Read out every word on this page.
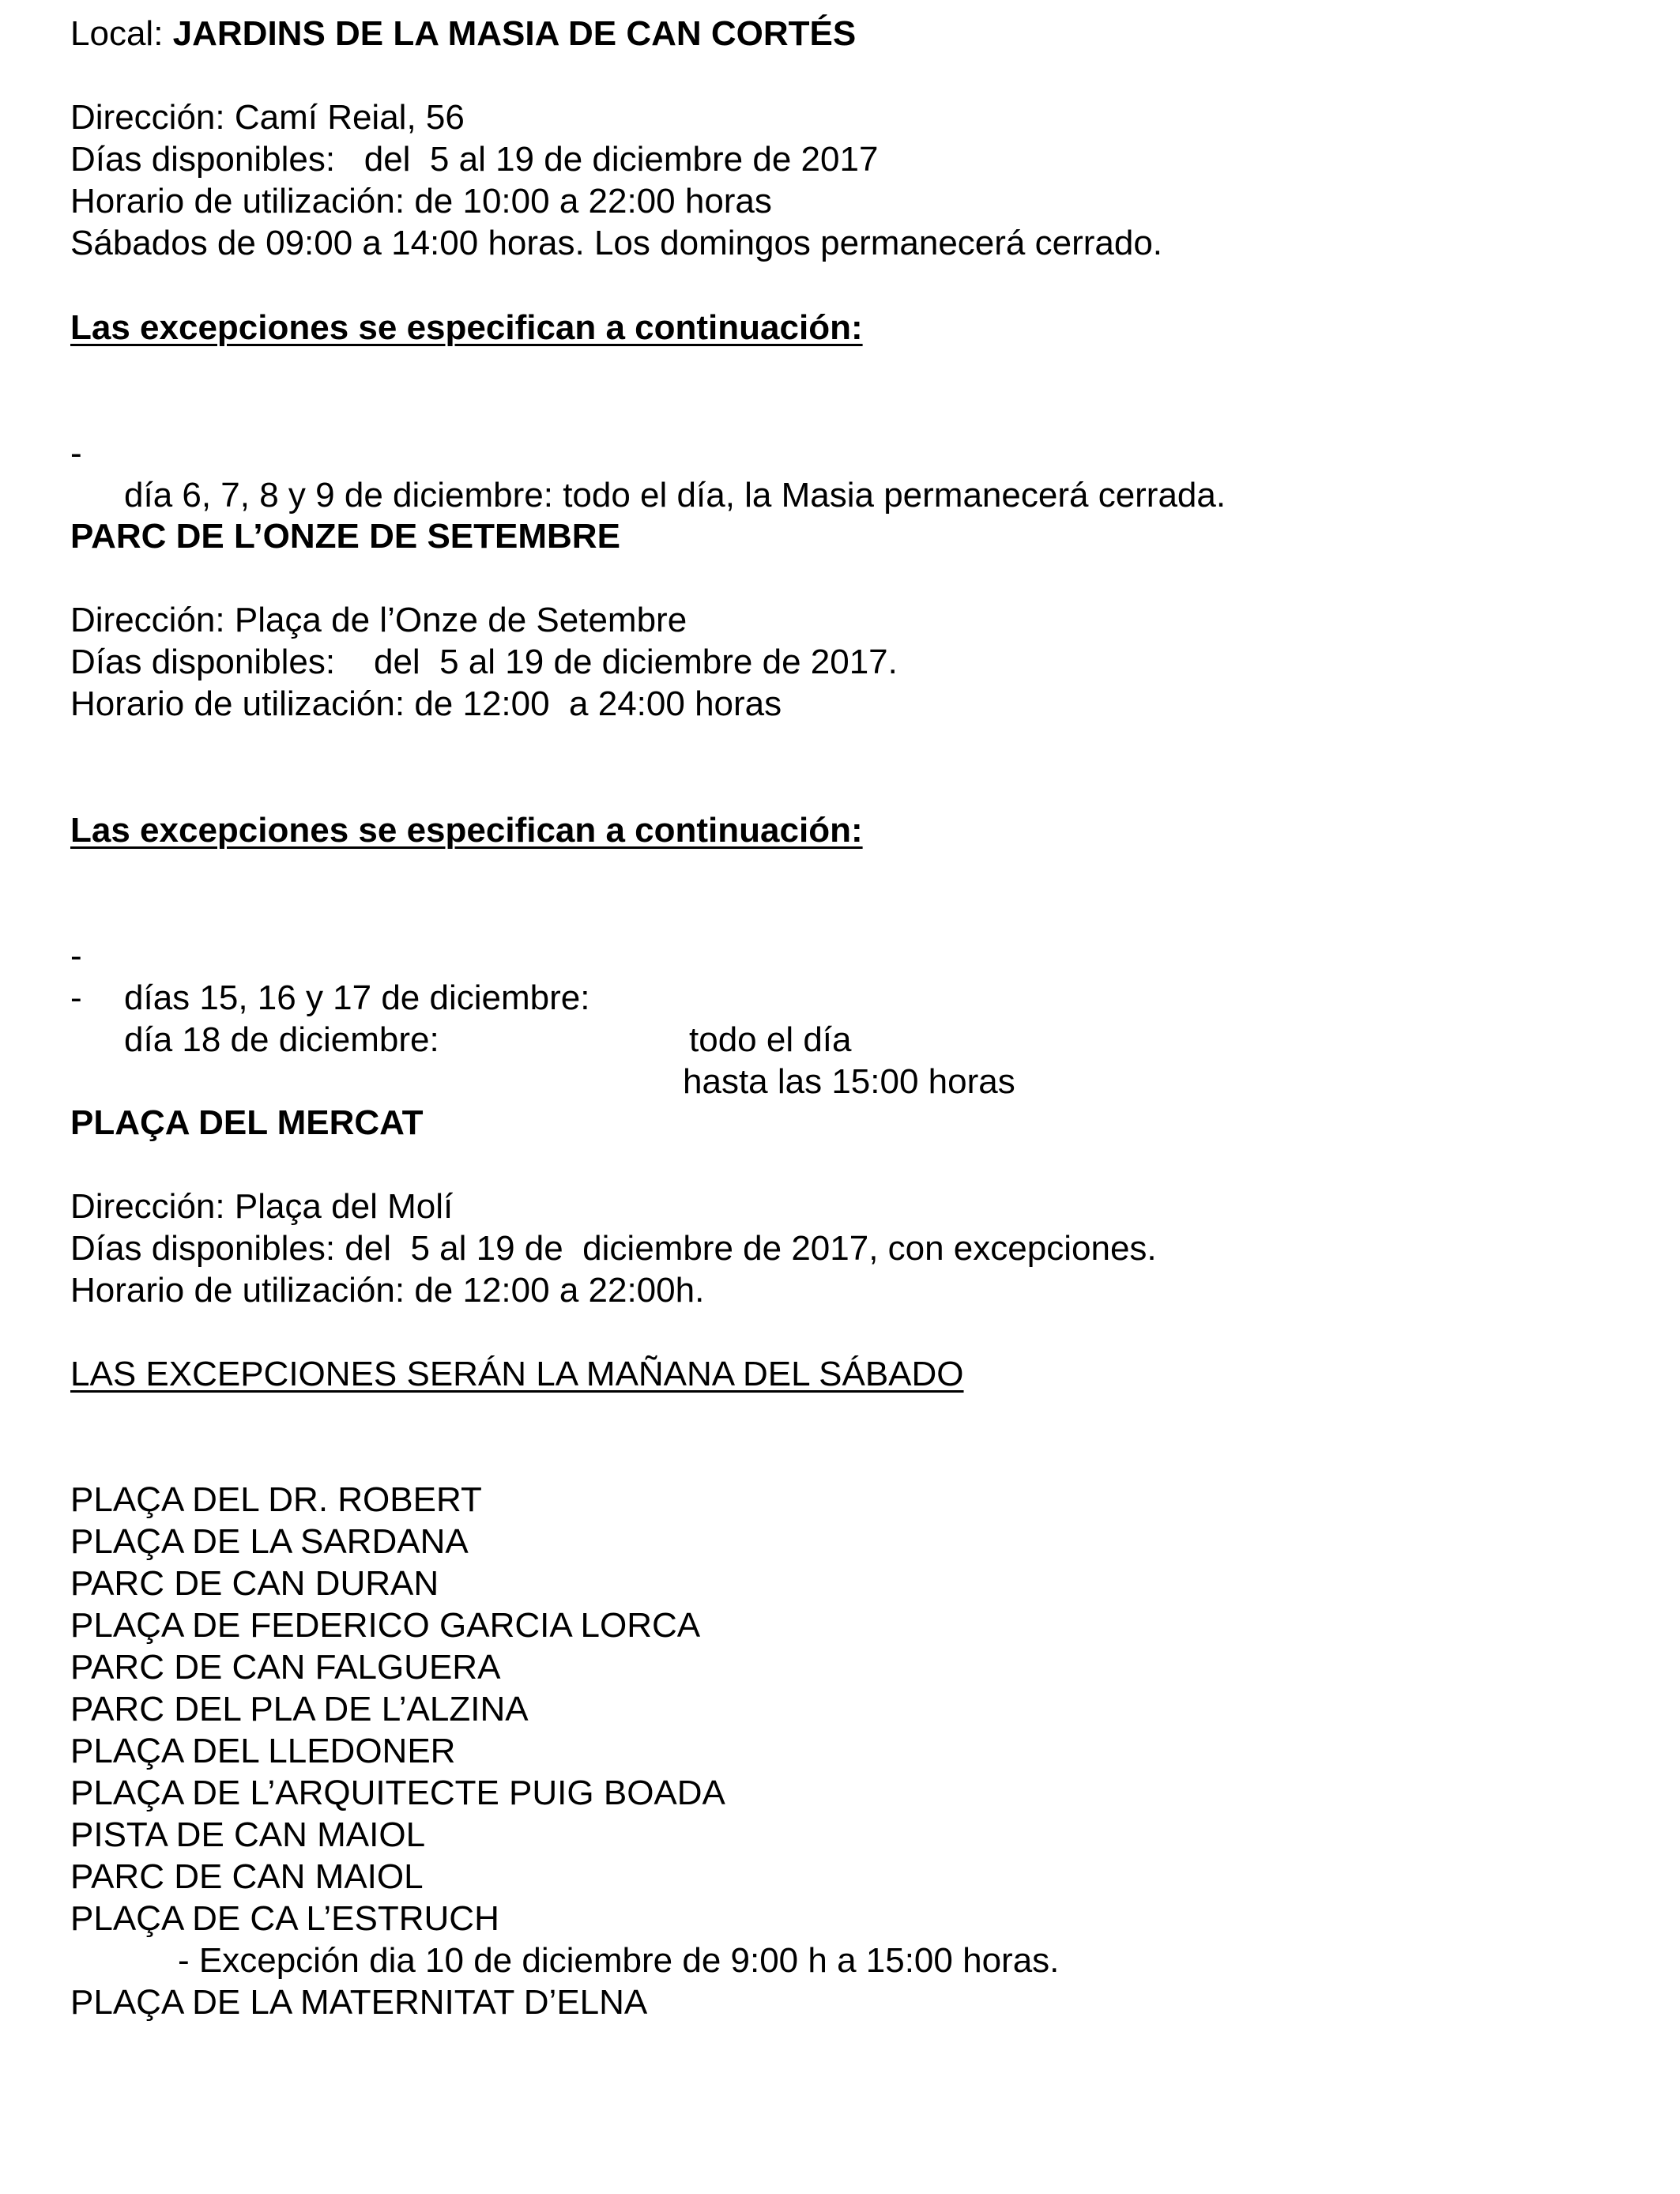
Local: JARDINS DE LA MASIA DE CAN CORTÉS
Dirección: Camí Reial, 56
Días disponibles:   del  5 al 19 de diciembre de 2017
Horario de utilización: de 10:00 a 22:00 horas
Sábados de 09:00 a 14:00 horas. Los domingos permanecerá cerrado.
Las excepciones se especifican a continuación:

-

día 6, 7, 8 y 9 de diciembre: todo el día, la Masia permanecerá cerrada.

PARC DE L’ONZE DE SETEMBRE
Dirección: Plaça de l’Onze de Setembre
Días disponibles:    del  5 al 19 de diciembre de 2017.
Horario de utilización: de 12:00  a 24:00 horas
Las excepciones se especifican a continuación:

-

días 15, 16 y 17 de diciembre:

todo el día

-

día 18 de diciembre:

hasta las 15:00 horas

PLAÇA DEL MERCAT
Dirección: Plaça del Molí
Días disponibles: del  5 al 19 de  diciembre de 2017, con excepciones.
Horario de utilización: de 12:00 a 22:00h.
LAS EXCEPCIONES SERÁN LA MAÑANA DEL SÁBADO
PLAÇA DEL DR. ROBERT
PLAÇA DE LA SARDANA
PARC DE CAN DURAN
PLAÇA DE FEDERICO GARCIA LORCA
PARC DE CAN FALGUERA
PARC DEL PLA DE L’ALZINA
PLAÇA DEL LLEDONER
PLAÇA DE L’ARQUITECTE PUIG BOADA
PISTA DE CAN MAIOL
PARC DE CAN MAIOL
PLAÇA DE CA L’ESTRUCH
- Excepción dia 10 de diciembre de 9:00 h a 15:00 horas.
PLAÇA DE LA MATERNITAT D’ELNA
